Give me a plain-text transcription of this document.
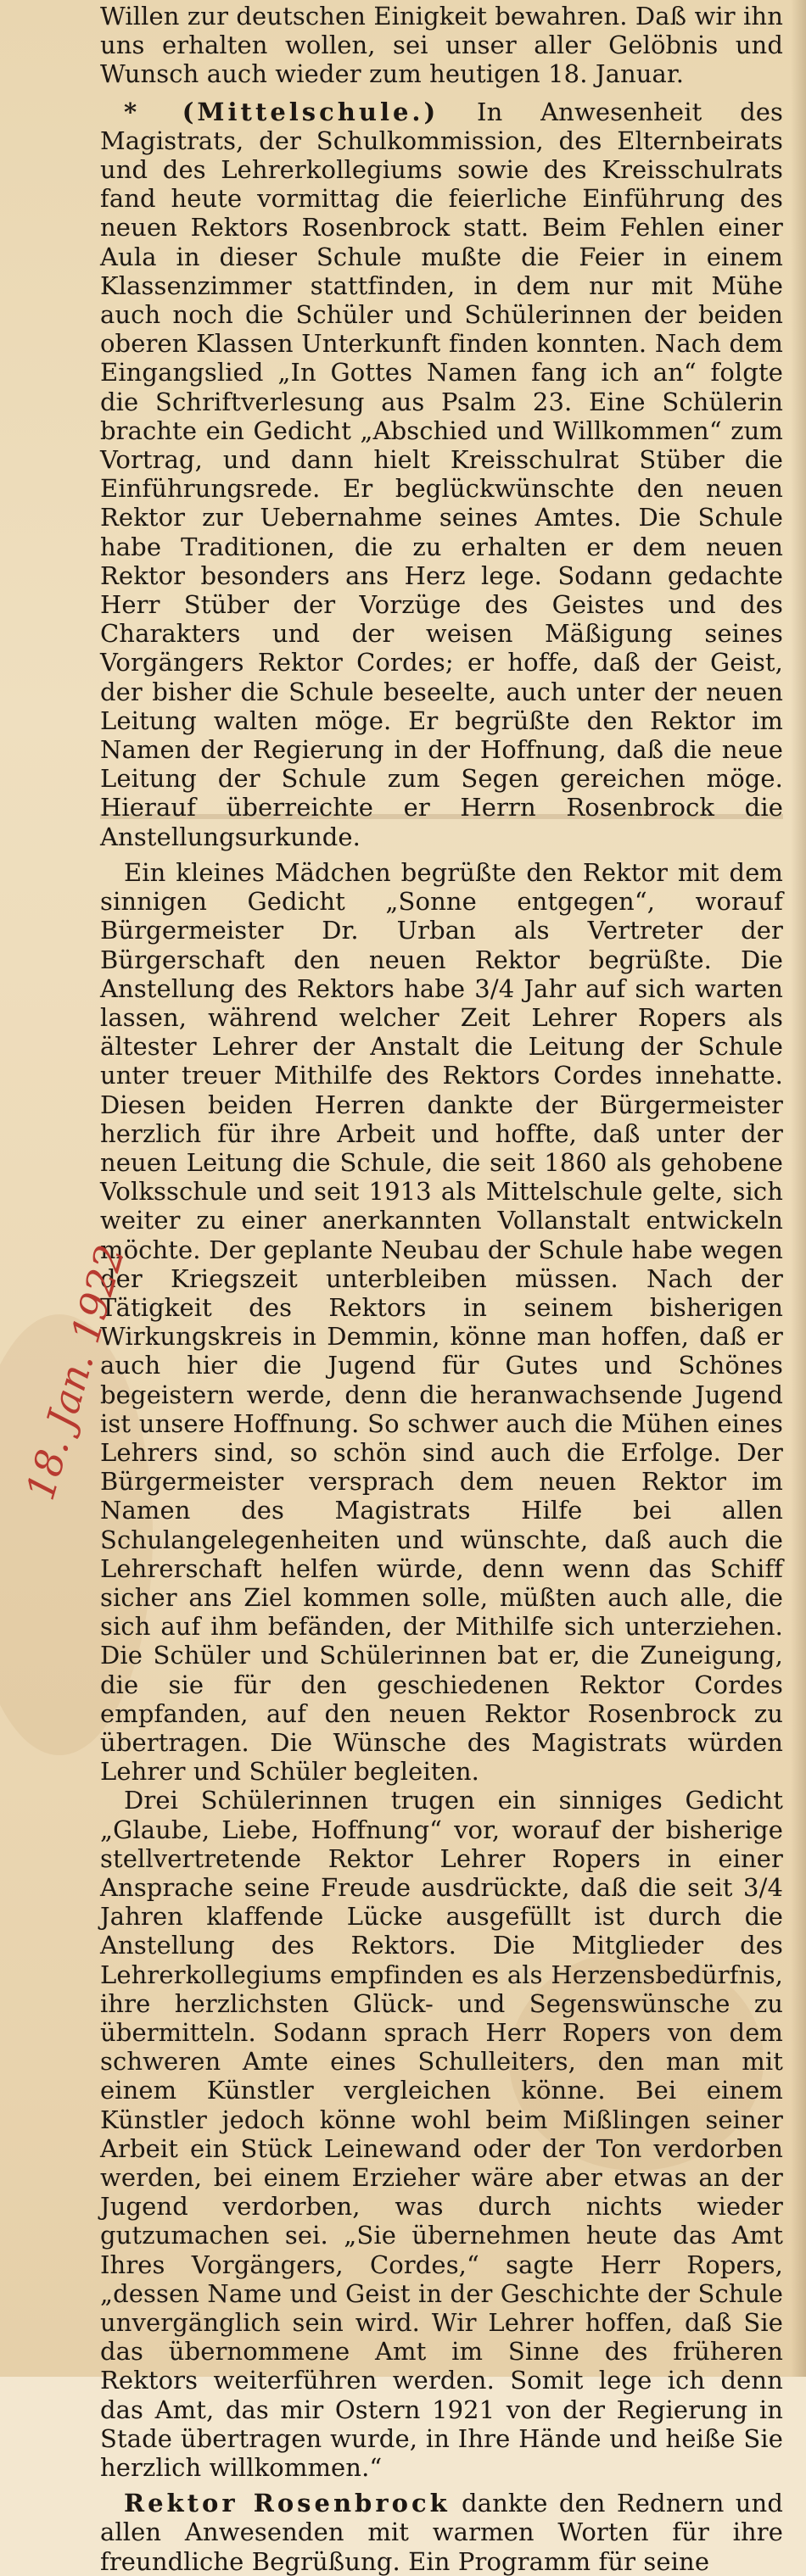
Willen zur deutschen Einigkeit bewahren. Daß wir ihn uns erhalten wollen, sei unser aller Gelöbnis und Wunsch auch wieder zum heutigen 18. Januar.

* (Mittelschule.) In Anwesenheit des Magistrats, der Schulkommission, des Elternbeirats und des Lehrerkollegiums sowie des Kreisschulrats fand heute vormittag die feierliche Einführung des neuen Rektors Rosenbrock statt. Beim Fehlen einer Aula in dieser Schule mußte die Feier in einem Klassenzimmer stattfinden, in dem nur mit Mühe auch noch die Schüler und Schülerinnen der beiden oberen Klassen Unterkunft finden konnten. Nach dem Eingangslied „In Gottes Namen fang ich an“ folgte die Schriftverlesung aus Psalm 23. Eine Schülerin brachte ein Gedicht „Abschied und Willkommen“ zum Vortrag, und dann hielt Kreisschulrat Stüber die Einführungsrede. Er beglückwünschte den neuen Rektor zur Uebernahme seines Amtes. Die Schule habe Traditionen, die zu erhalten er dem neuen Rektor besonders ans Herz lege. Sodann gedachte Herr Stüber der Vorzüge des Geistes und des Charakters und der weisen Mäßigung seines Vorgängers Rektor Cordes; er hoffe, daß der Geist, der bisher die Schule beseelte, auch unter der neuen Leitung walten möge. Er begrüßte den Rektor im Namen der Regierung in der Hoffnung, daß die neue Leitung der Schule zum Segen gereichen möge. Hierauf überreichte er Herrn Rosenbrock die Anstellungsurkunde.

Ein kleines Mädchen begrüßte den Rektor mit dem sinnigen Gedicht „Sonne entgegen“, worauf Bürgermeister Dr. Urban als Vertreter der Bürgerschaft den neuen Rektor begrüßte. Die Anstellung des Rektors habe 3/4 Jahr auf sich warten lassen, während welcher Zeit Lehrer Ropers als ältester Lehrer der Anstalt die Leitung der Schule unter treuer Mithilfe des Rektors Cordes innehatte. Diesen beiden Herren dankte der Bürgermeister herzlich für ihre Arbeit und hoffte, daß unter der neuen Leitung die Schule, die seit 1860 als gehobene Volksschule und seit 1913 als Mittelschule gelte, sich weiter zu einer anerkannten Vollanstalt entwickeln möchte. Der geplante Neubau der Schule habe wegen der Kriegszeit unterbleiben müssen. Nach der Tätigkeit des Rektors in seinem bisherigen Wirkungskreis in Demmin, könne man hoffen, daß er auch hier die Jugend für Gutes und Schönes begeistern werde, denn die heranwachsende Jugend ist unsere Hoffnung. So schwer auch die Mühen eines Lehrers sind, so schön sind auch die Erfolge. Der Bürgermeister versprach dem neuen Rektor im Namen des Magistrats Hilfe bei allen Schulangelegenheiten und wünschte, daß auch die Lehrerschaft helfen würde, denn wenn das Schiff sicher ans Ziel kommen solle, müßten auch alle, die sich auf ihm befänden, der Mithilfe sich unterziehen. Die Schüler und Schülerinnen bat er, die Zuneigung, die sie für den geschiedenen Rektor Cordes empfanden, auf den neuen Rektor Rosenbrock zu übertragen. Die Wünsche des Magistrats würden Lehrer und Schüler begleiten.

Drei Schülerinnen trugen ein sinniges Gedicht „Glaube, Liebe, Hoffnung“ vor, worauf der bisherige stellvertretende Rektor Lehrer Ropers in einer Ansprache seine Freude ausdrückte, daß die seit 3/4 Jahren klaffende Lücke ausgefüllt ist durch die Anstellung des Rektors. Die Mitglieder des Lehrerkollegiums empfinden es als Herzensbedürfnis, ihre herzlichsten Glück- und Segenswünsche zu übermitteln. Sodann sprach Herr Ropers von dem schweren Amte eines Schulleiters, den man mit einem Künstler vergleichen könne. Bei einem Künstler jedoch könne wohl beim Mißlingen seiner Arbeit ein Stück Leinewand oder der Ton verdorben werden, bei einem Erzieher wäre aber etwas an der Jugend verdorben, was durch nichts wieder gutzumachen sei. „Sie übernehmen heute das Amt Ihres Vorgängers, Cordes,“ sagte Herr Ropers, „dessen Name und Geist in der Geschichte der Schule unvergänglich sein wird. Wir Lehrer hoffen, daß Sie das übernommene Amt im Sinne des früheren Rektors weiterführen werden. Somit lege ich denn das Amt, das mir Ostern 1921 von der Regierung in Stade übertragen wurde, in Ihre Hände und heiße Sie herzlich willkommen.“

Rektor Rosenbrock dankte den Rednern und allen Anwesenden mit warmen Worten für ihre freundliche Begrüßung. Ein Programm für seine

18. Jan. 1922
